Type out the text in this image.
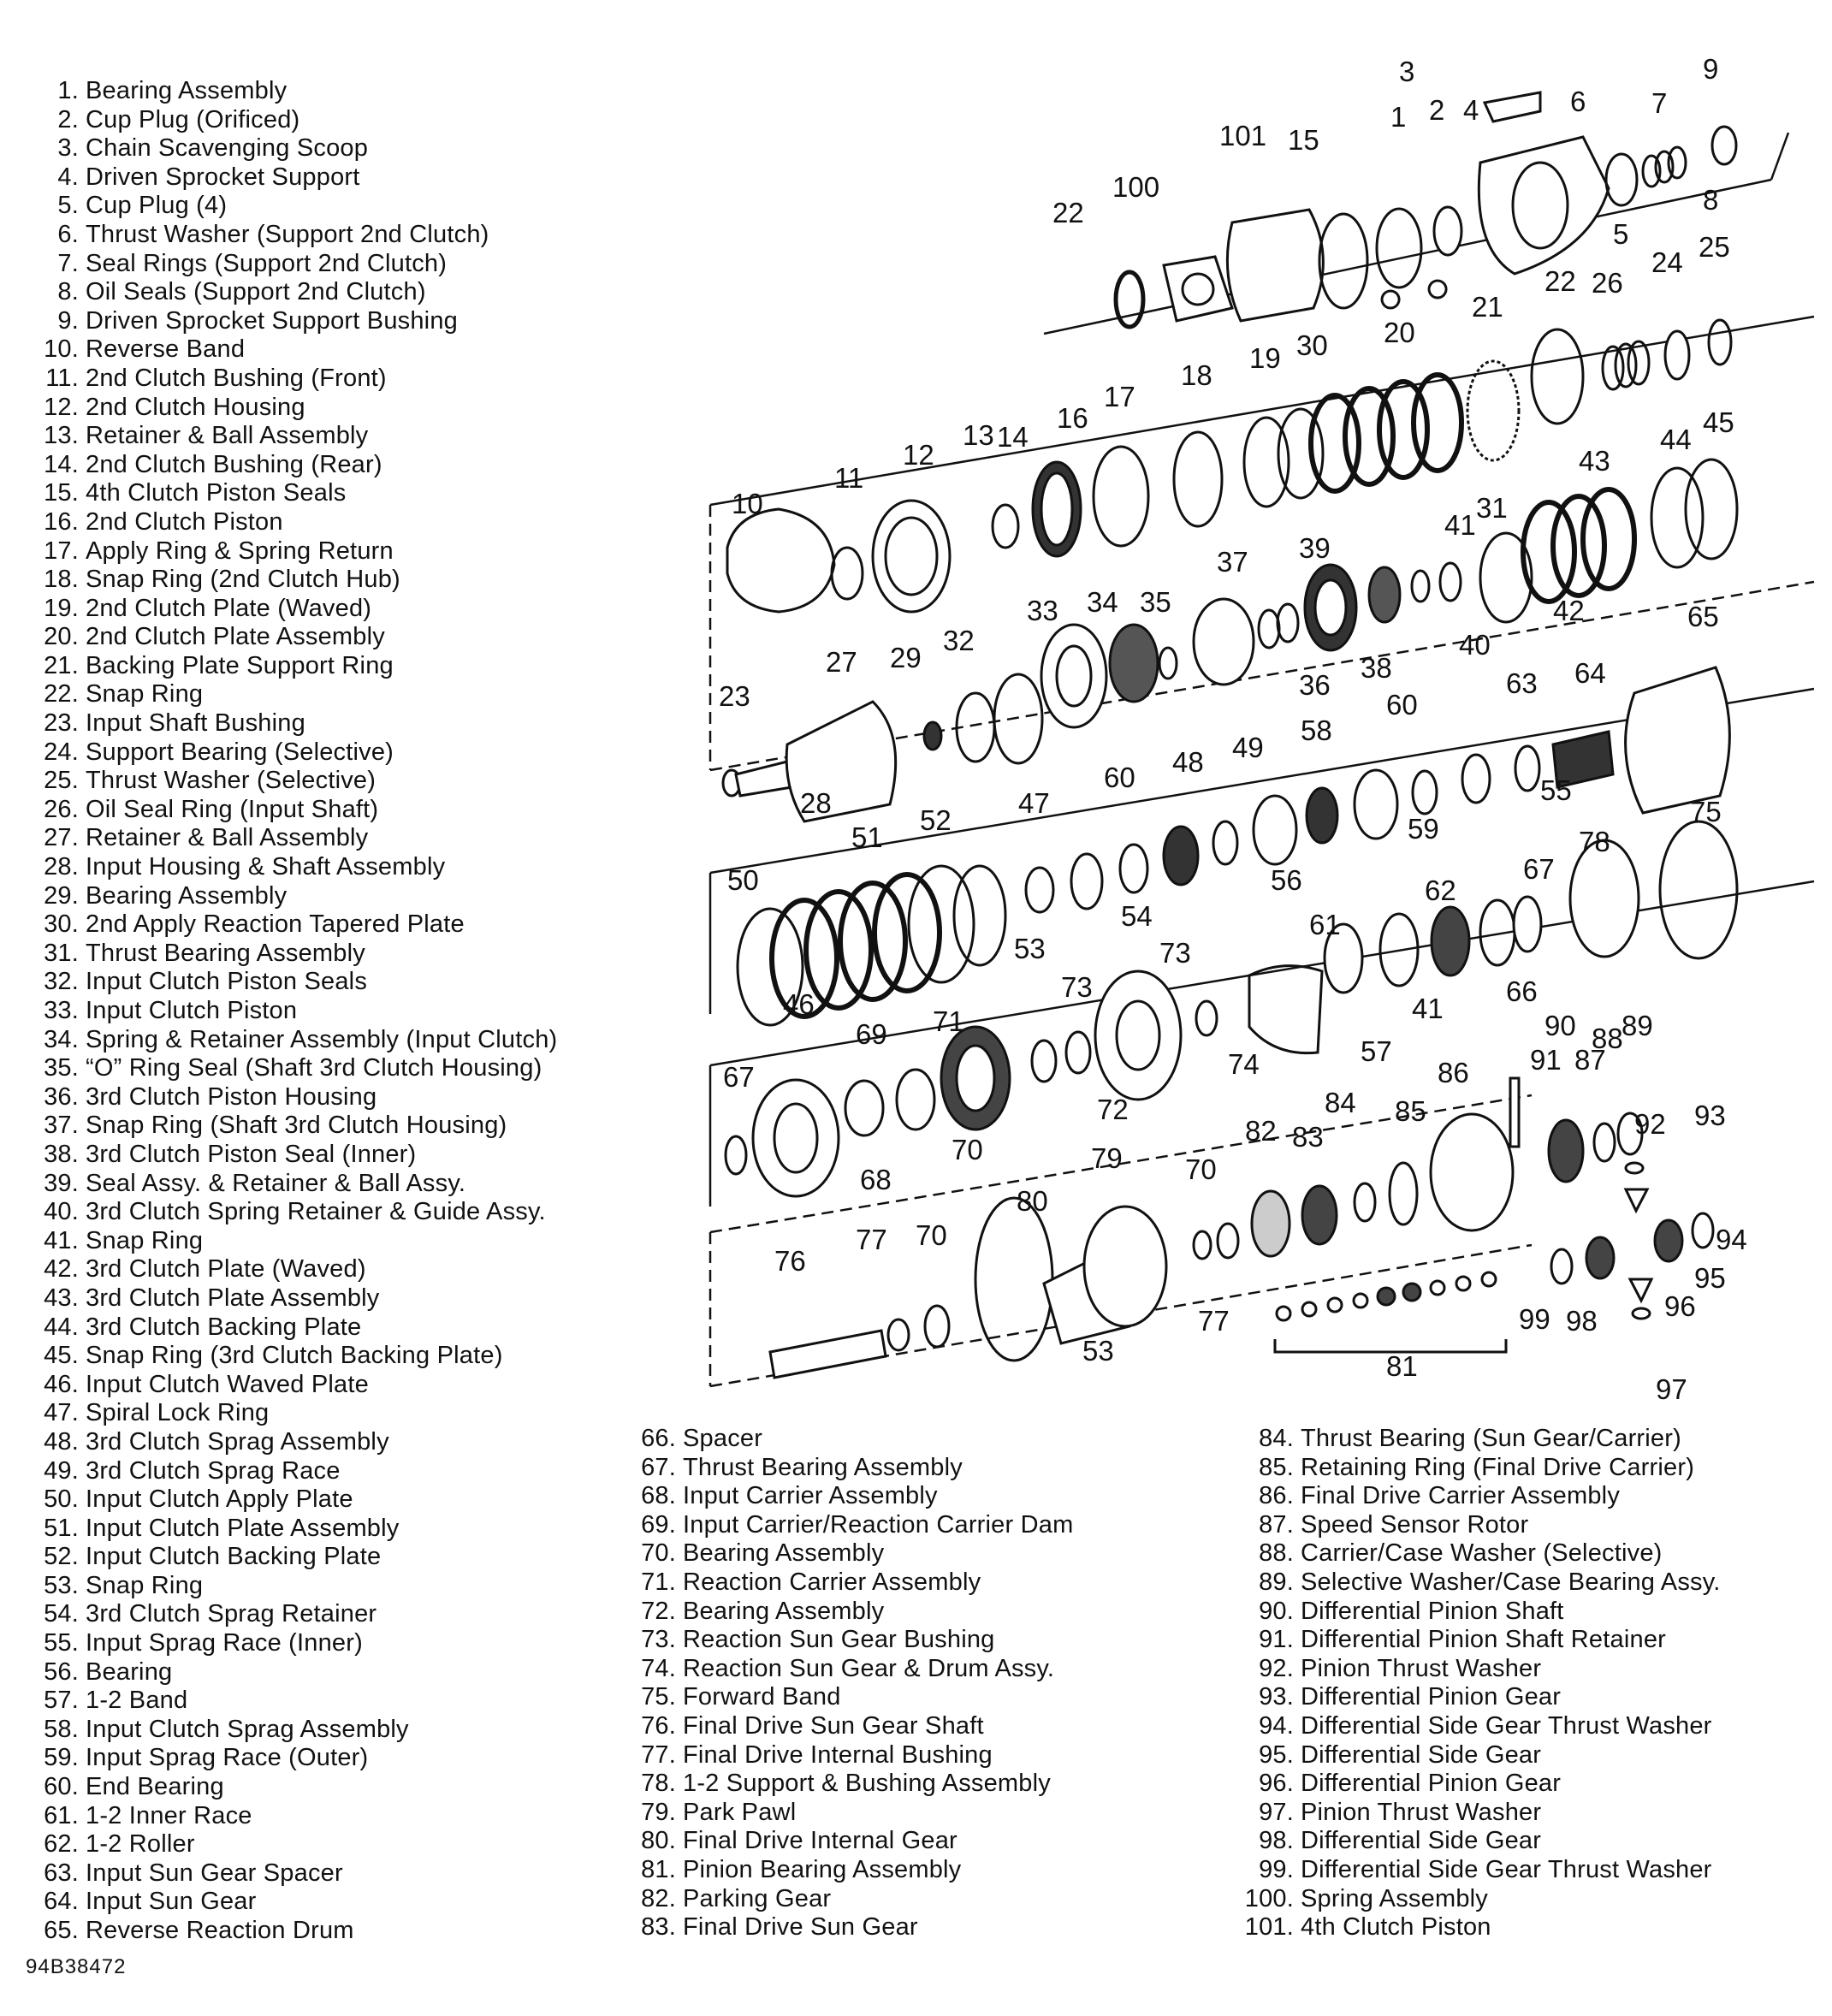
1. Bearing Assembly
2. Cup Plug (Orificed)
3. Chain Scavenging Scoop
4. Driven Sprocket Support
5. Cup Plug (4)
6. Thrust Washer (Support 2nd Clutch)
7. Seal Rings (Support 2nd Clutch)
8. Oil Seals (Support 2nd Clutch)
9. Driven Sprocket Support Bushing
10. Reverse Band
11. 2nd Clutch Bushing (Front)
12. 2nd Clutch Housing
13. Retainer & Ball Assembly
14. 2nd Clutch Bushing (Rear)
15. 4th Clutch Piston Seals
16. 2nd Clutch Piston
17. Apply Ring & Spring Return
18. Snap Ring (2nd Clutch Hub)
19. 2nd Clutch Plate (Waved)
20. 2nd Clutch Plate Assembly
21. Backing Plate Support Ring
22. Snap Ring
23. Input Shaft Bushing
24. Support Bearing (Selective)
25. Thrust Washer (Selective)
26. Oil Seal Ring (Input Shaft)
27. Retainer & Ball Assembly
28. Input Housing & Shaft Assembly
29. Bearing Assembly
30. 2nd Apply Reaction Tapered Plate
31. Thrust Bearing Assembly
32. Input Clutch Piston Seals
33. Input Clutch Piston
34. Spring & Retainer Assembly (Input Clutch)
35. “O” Ring Seal (Shaft 3rd Clutch Housing)
36. 3rd Clutch Piston Housing
37. Snap Ring (Shaft 3rd Clutch Housing)
38. 3rd Clutch Piston Seal (Inner)
39. Seal Assy. & Retainer & Ball Assy.
40. 3rd Clutch Spring Retainer & Guide Assy.
41. Snap Ring
42. 3rd Clutch Plate (Waved)
43. 3rd Clutch Plate Assembly
44. 3rd Clutch Backing Plate
45. Snap Ring (3rd Clutch Backing Plate)
46. Input Clutch Waved Plate
47. Spiral Lock Ring
48. 3rd Clutch Sprag Assembly
49. 3rd Clutch Sprag Race
50. Input Clutch Apply Plate
51. Input Clutch Plate Assembly
52. Input Clutch Backing Plate
53. Snap Ring
54. 3rd Clutch Sprag Retainer
55. Input Sprag Race (Inner)
56. Bearing
57. 1-2 Band
58. Input Clutch Sprag Assembly
59. Input Sprag Race (Outer)
60. End Bearing
61. 1-2 Inner Race
62. 1-2 Roller
63. Input Sun Gear Spacer
64. Input Sun Gear
65. Reverse Reaction Drum
66. Spacer
67. Thrust Bearing Assembly
68. Input Carrier Assembly
69. Input Carrier/Reaction Carrier Dam
70. Bearing Assembly
71. Reaction Carrier Assembly
72. Bearing Assembly
73. Reaction Sun Gear Bushing
74. Reaction Sun Gear & Drum Assy.
75. Forward Band
76. Final Drive Sun Gear Shaft
77. Final Drive Internal Bushing
78. 1-2 Support & Bushing Assembly
79. Park Pawl
80. Final Drive Internal Gear
81. Pinion Bearing Assembly
82. Parking Gear
83. Final Drive Sun Gear
84. Thrust Bearing (Sun Gear/Carrier)
85. Retaining Ring (Final Drive Carrier)
86. Final Drive Carrier Assembly
87. Speed Sensor Rotor
88. Carrier/Case Washer (Selective)
89. Selective Washer/Case Bearing Assy.
90. Differential Pinion Shaft
91. Differential Pinion Shaft Retainer
92. Pinion Thrust Washer
93. Differential Pinion Gear
94. Differential Side Gear Thrust Washer
95. Differential Side Gear
96. Differential Pinion Gear
97. Pinion Thrust Washer
98. Differential Side Gear
99. Differential Side Gear Thrust Washer
100. Spring Assembly
101. 4th Clutch Piston
94B38472
3	9
2 4	6 7
101 15
1
8
100
22
5 25
22 26
24
21
20
30
19
18
17
16
13 14
12
11
10
45
44
43
41
31
37 39
42
40
33 34 35	65
38
36
27 29
32
64
63
23	60
58
49
48
60	55
47
28
52	75
59
51	78
67
50	56	62
54
53
61
73
73
71
66
41
46
69	90 89
88
57	91 87
74
67	86
84
72	85	92 93
82 83
70	79
68	70
80
94
77 70
76
95
96
99 98
77
53	81
97
